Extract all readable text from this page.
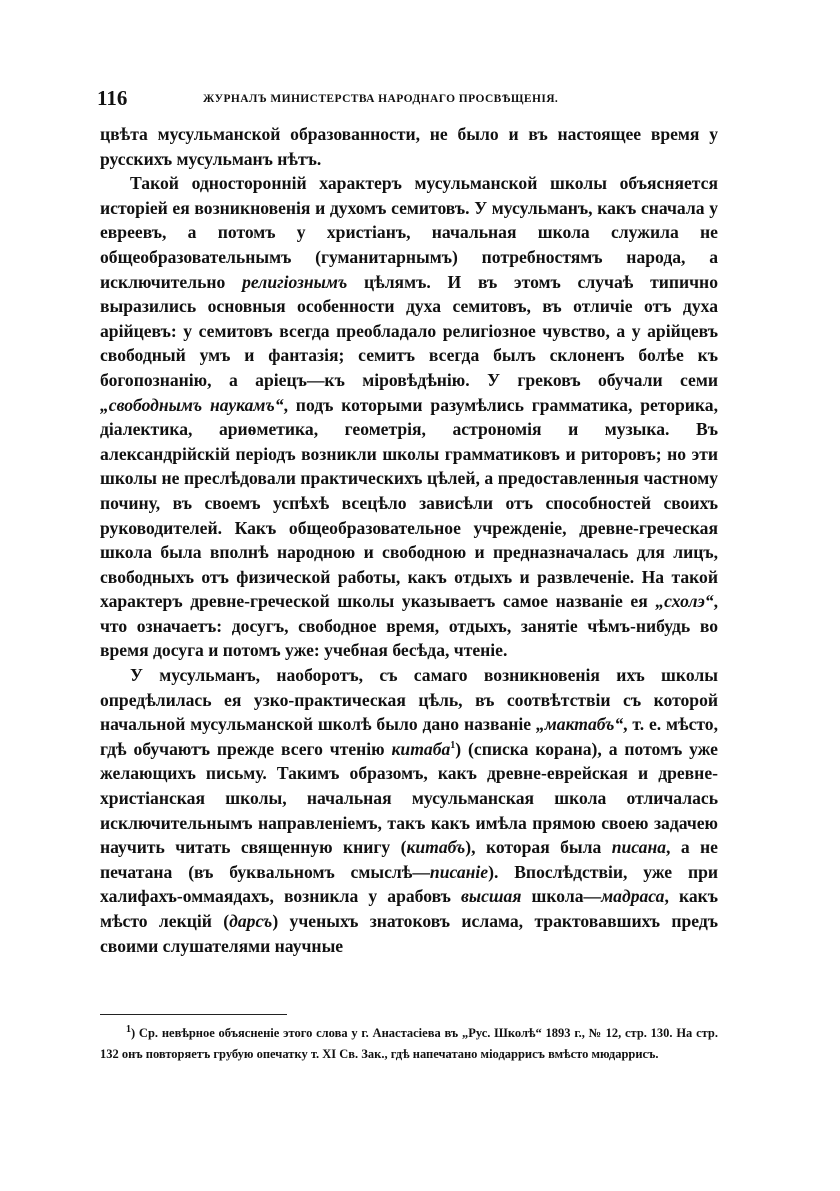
116	ЖУРНАЛЪ МИНИСТЕРСТВА НАРОДНАГО ПРОСВѢЩЕНІЯ.

цвѣта мусульманской образованности, не было и въ настоящее время у русскихъ мусульманъ нѣтъ.

Такой односторонній характеръ мусульманской школы объясняется исторіей ея возникновенія и духомъ семитовъ. У мусульманъ, какъ сначала у евреевъ, а потомъ у христіанъ, начальная школа служила не общеобразовательнымъ (гуманитарнымъ) потребностямъ народа, а исключительно религіознымъ цѣлямъ. И въ этомъ случаѣ типично выразились основныя особенности духа семитовъ, въ отличіе отъ духа арійцевъ: у семитовъ всегда преобладало религіозное чувство, а у арійцевъ свободный умъ и фантазія; семитъ всегда былъ склоненъ болѣе къ богопознанію, а аріецъ—къ міровѣдѣнію. У грековъ обучали семи „свободнымъ наукамъ“, подъ которыми разумѣлись грамматика, реторика, діалектика, ариѳметика, геометрія, астрономія и музыка. Въ александрійскій періодъ возникли школы грамматиковъ и риторовъ; но эти школы не преслѣдовали практическихъ цѣлей, а предоставленныя частному почину, въ своемъ успѣхѣ всецѣло зависѣли отъ способностей своихъ руководителей. Какъ общеобразовательное учрежденіе, древне-греческая школа была вполнѣ народною и свободною и предназначалась для лицъ, свободныхъ отъ физической работы, какъ отдыхъ и развлеченіе. На такой характеръ древне-греческой школы указываетъ самое названіе ея „схолэ“, что означаетъ: досугъ, свободное время, отдыхъ, занятіе чѣмъ-нибудь во время досуга и потомъ уже: учебная бесѣда, чтеніе.

У мусульманъ, наоборотъ, съ самаго возникновенія ихъ школы опредѣлилась ея узко-практическая цѣль, въ соотвѣтствіи съ которой начальной мусульманской школѣ было дано названіе „мактабъ“, т. е. мѣсто, гдѣ обучаютъ прежде всего чтенію китаба$^1$) (списка корана), а потомъ уже желающихъ письму. Такимъ образомъ, какъ древне-еврейская и древне-христіанская школы, начальная мусульманская школа отличалась исключительнымъ направленіемъ, такъ какъ имѣла прямою своею задачею научить читать священную книгу (китабъ), которая была писана, а не печатана (въ буквальномъ смыслѣ—писаніе). Впослѣдствіи, уже при халифахъ-оммаядахъ, возникла у арабовъ высшая школа—мадраса, какъ мѣсто лекцій (дарсъ) ученыхъ знатоковъ ислама, трактовавшихъ предъ своими слушателями научные

$^1$) Ср. невѣрное объясненіе этого слова у г. Анастасіева въ „Рус. Школѣ“ 1893 г., № 12, стр. 130. На стр. 132 онъ повторяетъ грубую опечатку т. XI Св. Зак., гдѣ напечатано міодаррисъ вмѣсто мюдаррисъ.
